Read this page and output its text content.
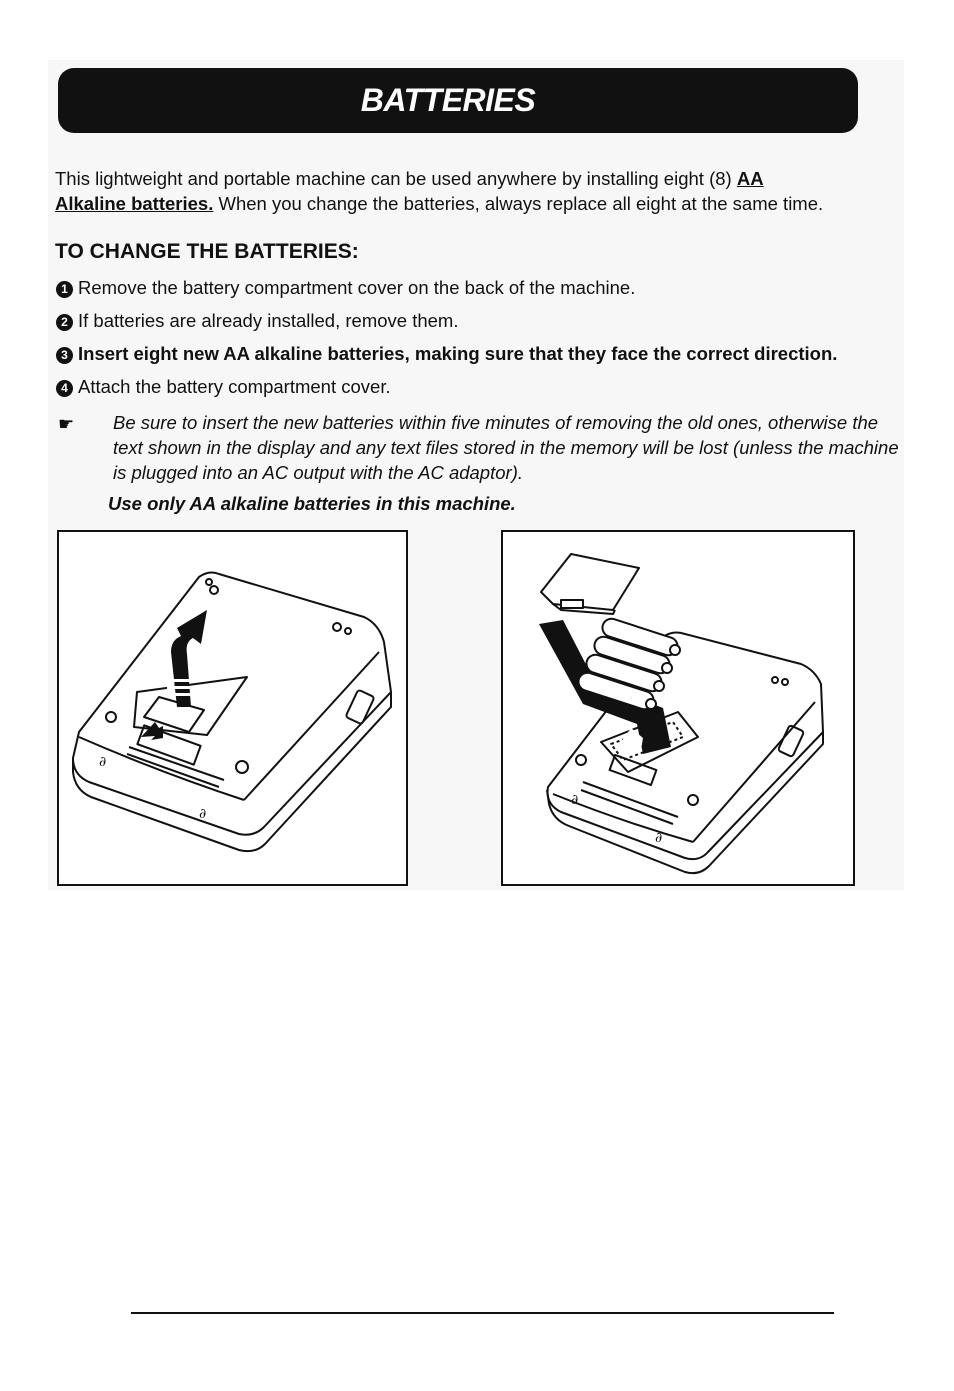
BATTERIES
This lightweight and portable machine can be used anywhere by installing eight (8) AA
Alkaline batteries. When you change the batteries, always replace all eight at the same time.
TO CHANGE THE BATTERIES:
1 Remove the battery compartment cover on the back of the machine.
2 If batteries are already installed, remove them.
3 Insert eight new AA alkaline batteries, making sure that they face the correct direction.
4 Attach the battery compartment cover.
☛ Be sure to insert the new batteries within five minutes of removing the old ones, otherwise the text shown in the display and any text files stored in the memory will be lost (unless the machine is plugged into an AC output with the AC adaptor).
Use only AA alkaline batteries in this machine.
∂
∂
∂
∂
